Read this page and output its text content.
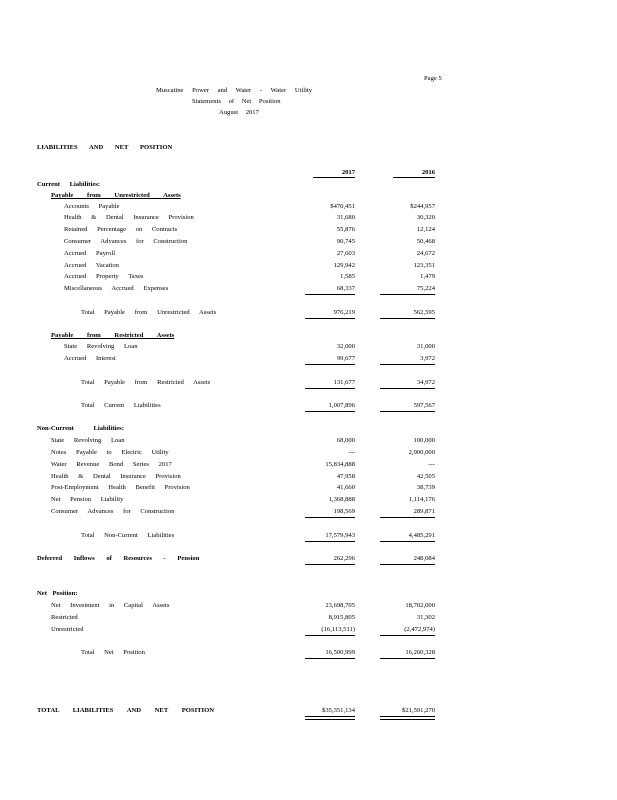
Page 5
Muscatine Power and Water - Water Utility
Statements of Net Position
August 2017
LIABILITIES AND NET POSITION
2017	2016
Current Liabilities:
Payable from Unrestricted Assets
Accounts Payable	$470,451	$244,957
Health & Dental Insurance Provision	31,680	30,320
Retained Percentage on Contracts	55,876	12,124
Consumer Advances for Construction	90,745	50,468
Accrued Payroll	27,603	24,672
Accrued Vacation	129,942	123,351
Accrued Property Taxes	1,585	1,479
Miscellaneous Accrued Expenses	68,337	75,224
Total Payable from Unrestricted Assets	976,219	562,595
Payable from Restricted Assets
State Revolving Loan	32,000	31,000
Accrued Interest	99,677	3,972
Total Payable from Restricted Assets	131,677	34,972
Total Current Liabilities	1,007,896	597,567
Non-Current Liabilities:
State Revolving Loan	68,000	100,000
Notes Payable to Electric Utility	---	2,900,000
Water Revenue Bond Series 2017	15,834,888	---
Health & Dental Insurance Provision	47,958	42,505
Post-Employment Health Benefit Provision	41,660	38,739
Net Pension Liability	1,368,888	1,114,176
Consumer Advances for Construction	198,569	289,871
Total Non-Current Liabilities	17,579,943	4,485,291
Deferred Inflows of Resources - Pension	262,296	248,084
Net Position:
Net Investment in Capital Assets	23,698,705	18,702,000
Restricted	8,915,805	31,302
Unrestricted	(16,113,511)	(2,472,974)
Total Net Position	16,500,999	16,260,328
TOTAL LIABILITIES AND NET POSITION	$35,351,134	$21,591,270
